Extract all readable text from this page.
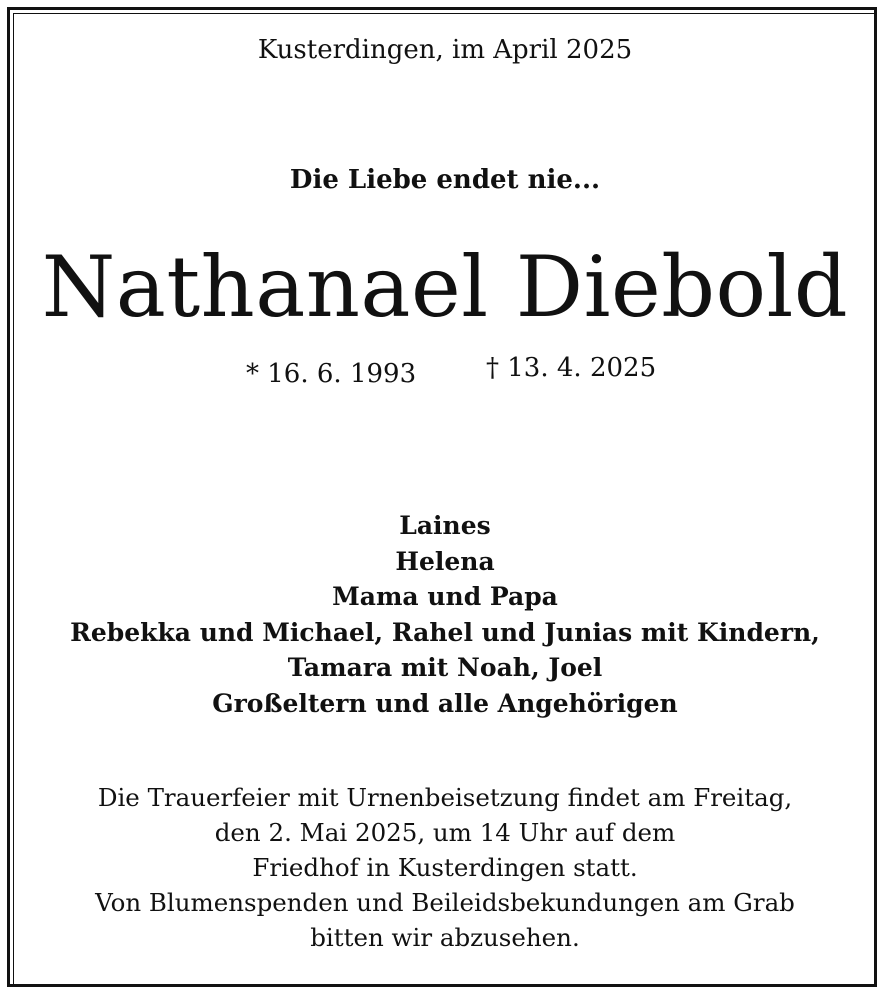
Kusterdingen, im April 2025

Die Liebe endet nie...

Nathanael Diebold
* 16. 6. 1993	† 13. 4. 2025
Laines
Helena
Mama und Papa
Rebekka und Michael, Rahel und Junias mit Kindern,
Tamara mit Noah, Joel
Großeltern und alle Angehörigen
Die Trauerfeier mit Urnenbeisetzung findet am Freitag,
den 2. Mai 2025, um 14 Uhr auf dem
Friedhof in Kusterdingen statt.
Von Blumenspenden und Beileidsbekundungen am Grab
bitten wir abzusehen.
